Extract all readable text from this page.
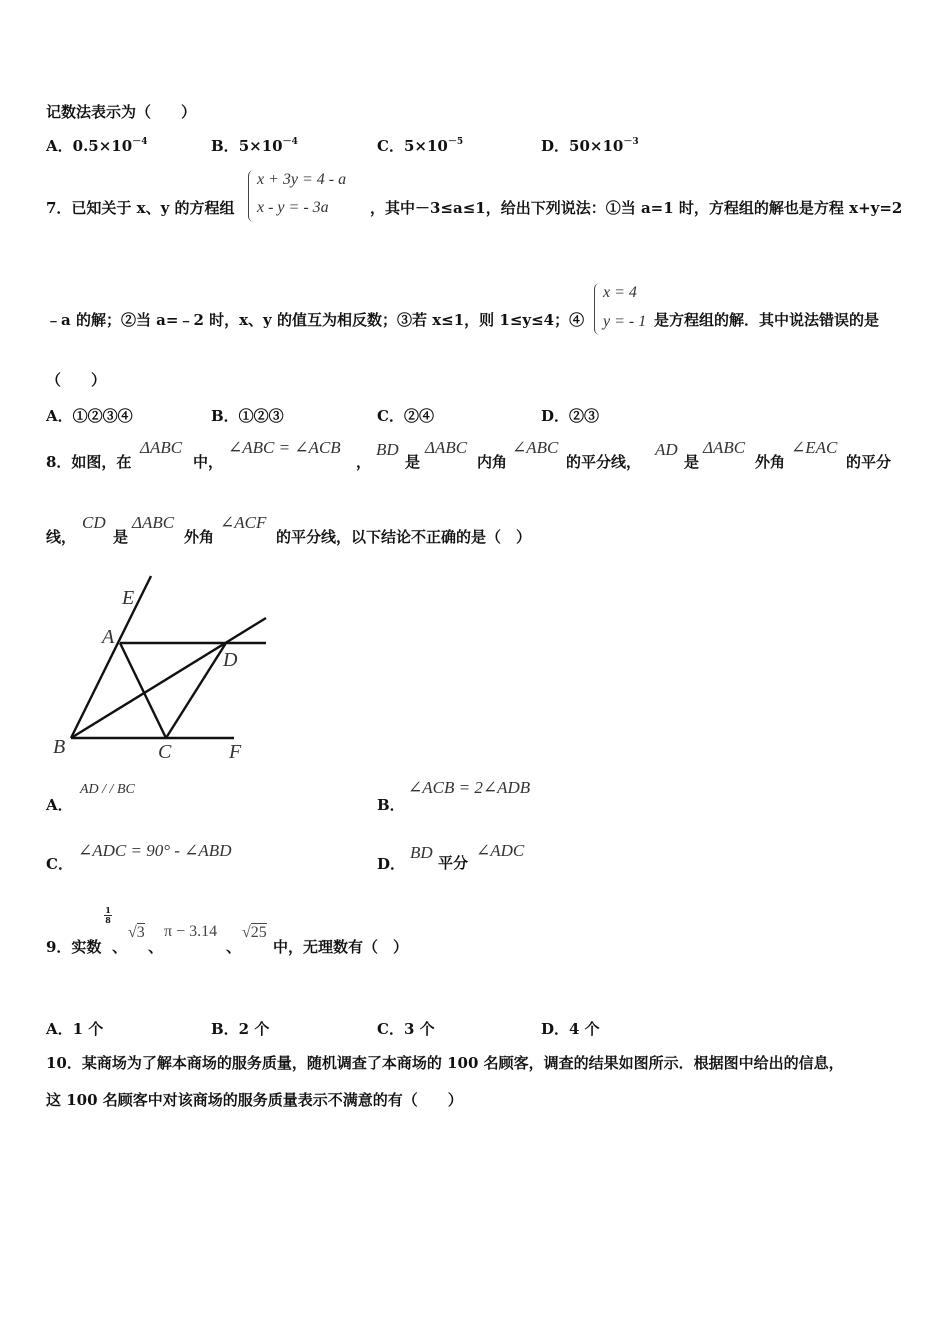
记数法表示为（　　）
A．$0.5\times 10^{-4}$	B．$5\times 10^{-4}$	C．$5\times 10^{-5}$	D．$50\times 10^{-3}$
7．已知关于 x、y 的方程组
x + 3y = 4 - a
x - y = - 3a	，其中－3≤a≤1，给出下列说法：①当 a=1 时，方程组的解也是方程 x+y=2
﹣a 的解；②当 a=﹣2 时，x、y 的值互为相反数；③若 x≤1，则 1≤y≤4；④
x = 4
y = - 1 是方程组的解．其中说法错误的是
（　　）
A．①②③④	B．①②③	C．②④	D．②③
8．如图，在
ΔABC
中，
∠ABC = ∠ACB
，
BD
是
ΔABC
内角
∠ABC
的平分线，
AD
是
ΔABC
外角
∠EAC
的平分
线，
CD
是
ΔABC
外角
∠ACF
的平分线，以下结论不正确的是（　）
E
A
D
B	C	F
A．
AD / / BC
B．
∠ACB = 2∠ADB
C．
∠ADC = 90° - ∠ABD
D．
BD
平分
∠ADC
9．实数
1
8
、
√3
、
π − 3.14
、
√25
中，无理数有（　）
A．1 个	B．2 个	C．3 个	D．4 个
10．某商场为了解本商场的服务质量，随机调查了本商场的 100 名顾客，调查的结果如图所示．根据图中给出的信息，
这 100 名顾客中对该商场的服务质量表示不满意的有（　　）
